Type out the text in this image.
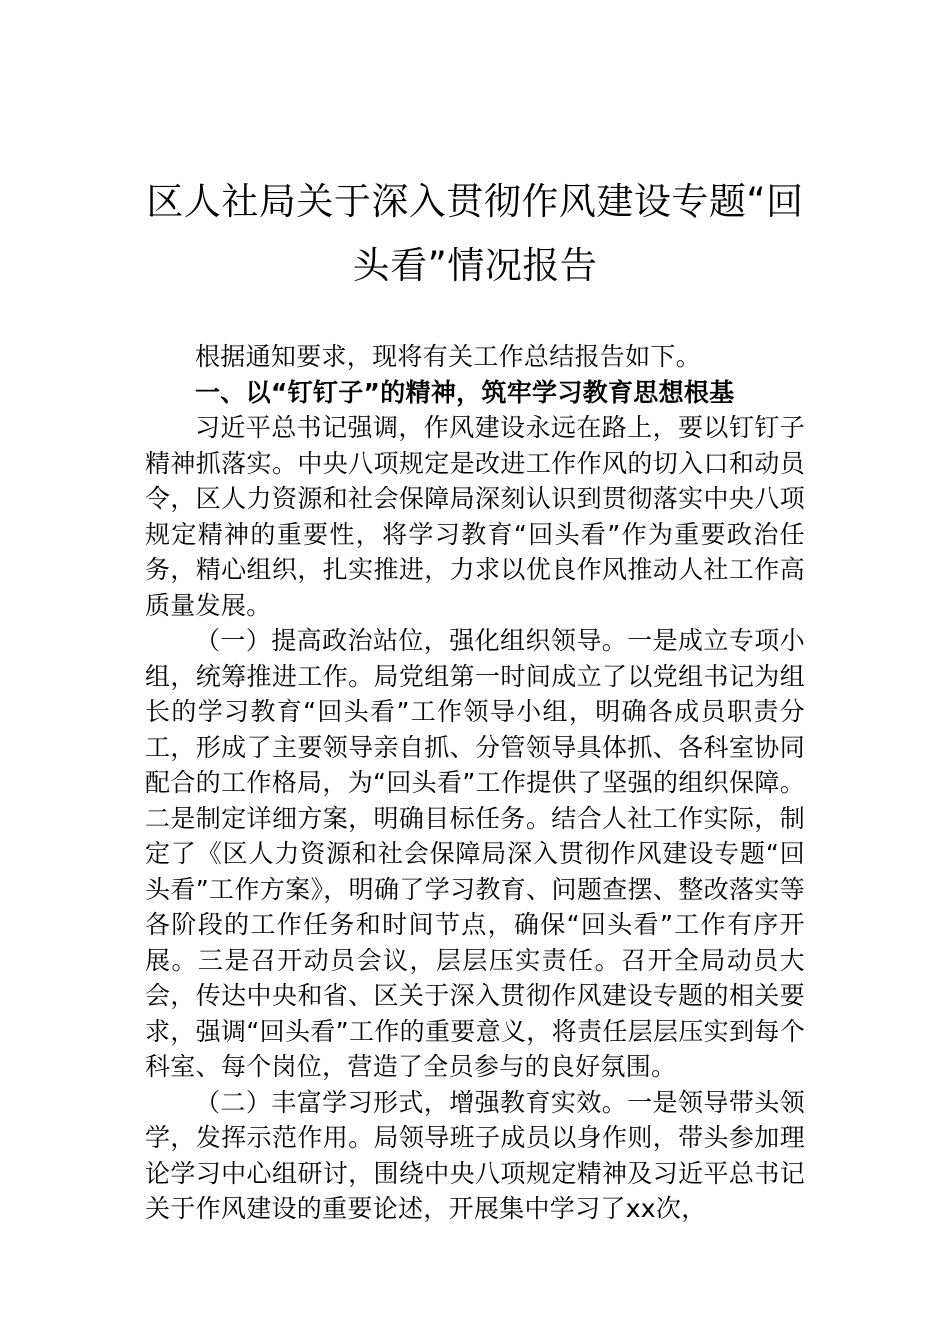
区人社局关于深入贯彻作风建设专题“回头看”情况报告

根据通知要求，现将有关工作总结报告如下。

一、以“钉钉子”的精神，筑牢学习教育思想根基

习近平总书记强调，作风建设永远在路上，要以钉钉子精神抓落实。中央八项规定是改进工作作风的切入口和动员令，区人力资源和社会保障局深刻认识到贯彻落实中央八项规定精神的重要性，将学习教育“回头看”作为重要政治任务，精心组织，扎实推进，力求以优良作风推动人社工作高质量发展。

（一）提高政治站位，强化组织领导。一是成立专项小组，统筹推进工作。局党组第一时间成立了以党组书记为组长的学习教育“回头看”工作领导小组，明确各成员职责分工，形成了主要领导亲自抓、分管领导具体抓、各科室协同配合的工作格局，为“回头看”工作提供了坚强的组织保障。二是制定详细方案，明确目标任务。结合人社工作实际，制定了《区人力资源和社会保障局深入贯彻作风建设专题“回头看”工作方案》，明确了学习教育、问题查摆、整改落实等各阶段的工作任务和时间节点，确保“回头看”工作有序开展。三是召开动员会议，层层压实责任。召开全局动员大会，传达中央和省、区关于深入贯彻作风建设专题的相关要求，强调“回头看”工作的重要意义，将责任层层压实到每个科室、每个岗位，营造了全员参与的良好氛围。

（二）丰富学习形式，增强教育实效。一是领导带头领学，发挥示范作用。局领导班子成员以身作则，带头参加理论学习中心组研讨，围绕中央八项规定精神及习近平总书记关于作风建设的重要论述，开展集中学习了xx次，
